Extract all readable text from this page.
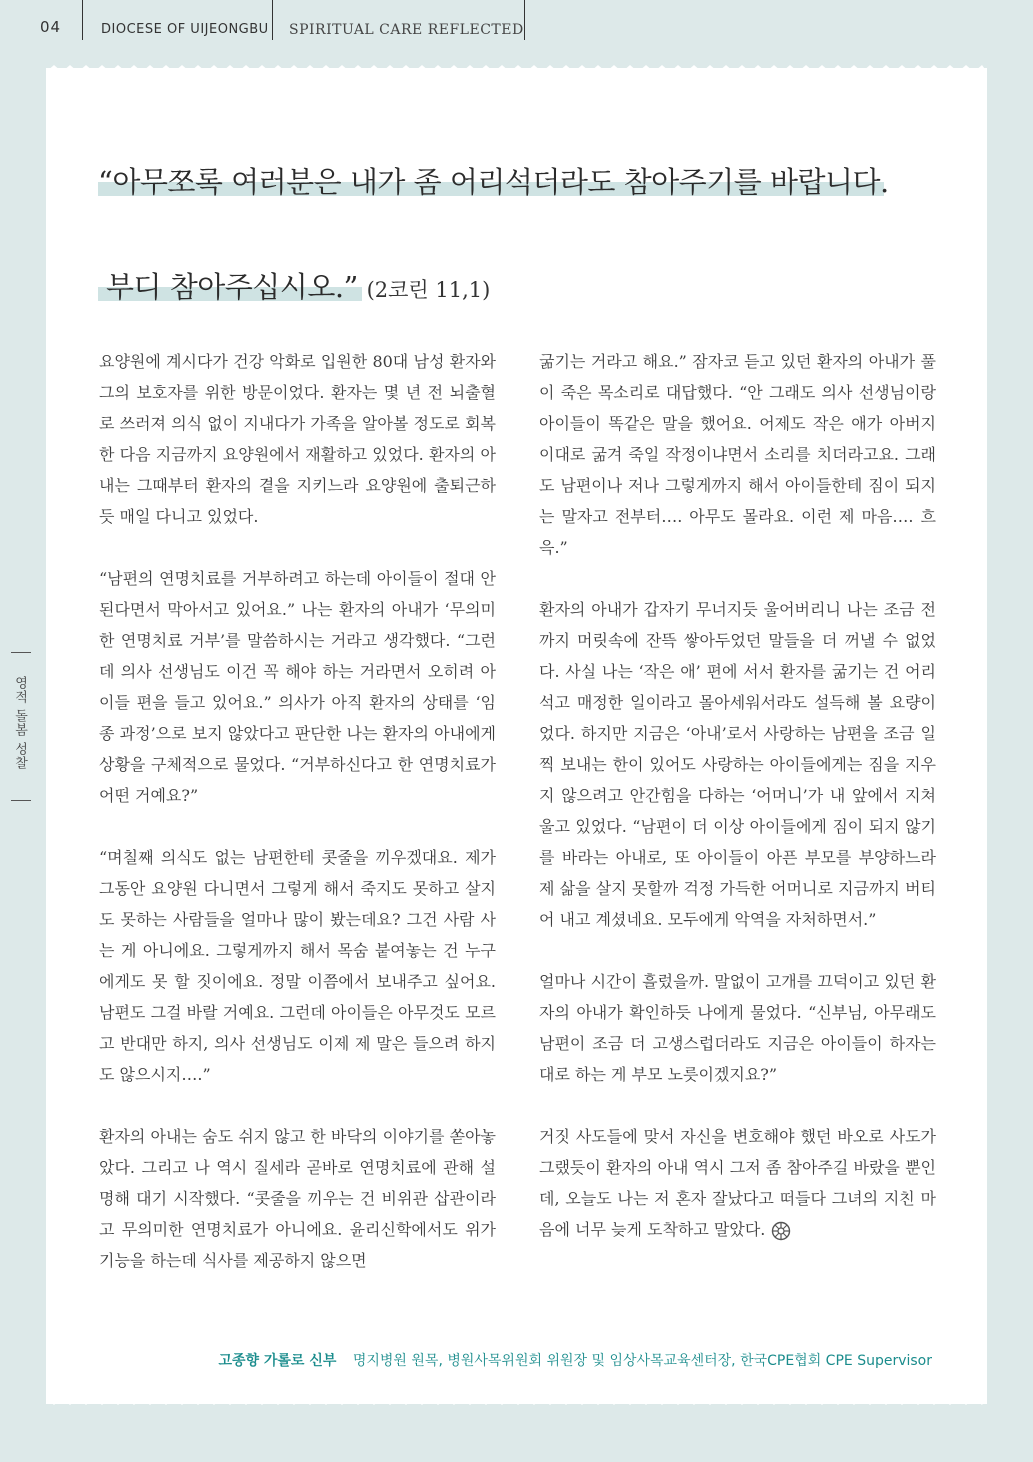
04	DIOCESE OF UIJEONGBU SPIRITUAL CARE REFLECTED
영적 돌봄 성찰
“아무쪼록 여러분은 내가 좀 어리석더라도 참아주기를 바랍니다.
부디 참아주십시오.” (2코린 11,1)

요양원에 계시다가 건강 악화로 입원한 80대 남성 환자와 그의 보호자를 위한 방문이었다. 환자는 몇 년 전 뇌출혈로 쓰러져 의식 없이 지내다가 가족을 알아볼 정도로 회복한 다음 지금까지 요양원에서 재활하고 있었다. 환자의 아내는 그때부터 환자의 곁을 지키느라 요양원에 출퇴근하듯 매일 다니고 있었다.

“남편의 연명치료를 거부하려고 하는데 아이들이 절대 안 된다면서 막아서고 있어요.” 나는 환자의 아내가 ‘무의미한 연명치료 거부’를 말씀하시는 거라고 생각했다. “그런데 의사 선생님도 이건 꼭 해야 하는 거라면서 오히려 아이들 편을 들고 있어요.” 의사가 아직 환자의 상태를 ‘임종 과정’으로 보지 않았다고 판단한 나는 환자의 아내에게 상황을 구체적으로 물었다. “거부하신다고 한 연명치료가 어떤 거예요?”

“며칠째 의식도 없는 남편한테 콧줄을 끼우겠대요. 제가 그동안 요양원 다니면서 그렇게 해서 죽지도 못하고 살지도 못하는 사람들을 얼마나 많이 봤는데요? 그건 사람 사는 게 아니에요. 그렇게까지 해서 목숨 붙여놓는 건 누구에게도 못 할 짓이에요. 정말 이쯤에서 보내주고 싶어요. 남편도 그걸 바랄 거예요. 그런데 아이들은 아무것도 모르고 반대만 하지, 의사 선생님도 이제 제 말은 들으려 하지도 않으시지….”

환자의 아내는 숨도 쉬지 않고 한 바닥의 이야기를 쏟아놓았다. 그리고 나 역시 질세라 곧바로 연명치료에 관해 설명해 대기 시작했다. “콧줄을 끼우는 건 비위관 삽관이라고 무의미한 연명치료가 아니에요. 윤리신학에서도 위가 기능을 하는데 식사를 제공하지 않으면

굶기는 거라고 해요.” 잠자코 듣고 있던 환자의 아내가 풀이 죽은 목소리로 대답했다. “안 그래도 의사 선생님이랑 아이들이 똑같은 말을 했어요. 어제도 작은 애가 아버지 이대로 굶겨 죽일 작정이냐면서 소리를 치더라고요. 그래도 남편이나 저나 그렇게까지 해서 아이들한테 짐이 되지는 말자고 전부터…. 아무도 몰라요. 이런 제 마음…. 흐윽.”

환자의 아내가 갑자기 무너지듯 울어버리니 나는 조금 전까지 머릿속에 잔뜩 쌓아두었던 말들을 더 꺼낼 수 없었다. 사실 나는 ‘작은 애’ 편에 서서 환자를 굶기는 건 어리석고 매정한 일이라고 몰아세워서라도 설득해 볼 요량이었다. 하지만 지금은 ‘아내’로서 사랑하는 남편을 조금 일찍 보내는 한이 있어도 사랑하는 아이들에게는 짐을 지우지 않으려고 안간힘을 다하는 ‘어머니’가 내 앞에서 지쳐 울고 있었다. “남편이 더 이상 아이들에게 짐이 되지 않기를 바라는 아내로, 또 아이들이 아픈 부모를 부양하느라 제 삶을 살지 못할까 걱정 가득한 어머니로 지금까지 버티어 내고 계셨네요. 모두에게 악역을 자처하면서.”

얼마나 시간이 흘렀을까. 말없이 고개를 끄덕이고 있던 환자의 아내가 확인하듯 나에게 물었다. “신부님, 아무래도 남편이 조금 더 고생스럽더라도 지금은 아이들이 하자는 대로 하는 게 부모 노릇이겠지요?”

거짓 사도들에 맞서 자신을 변호해야 했던 바오로 사도가 그랬듯이 환자의 아내 역시 그저 좀 참아주길 바랐을 뿐인데, 오늘도 나는 저 혼자 잘났다고 떠들다 그녀의 지친 마음에 너무 늦게 도착하고 말았다.

고종향 가롤로 신부 명지병원 원목, 병원사목위원회 위원장 및 임상사목교육센터장, 한국CPE협회 CPE Supervisor
